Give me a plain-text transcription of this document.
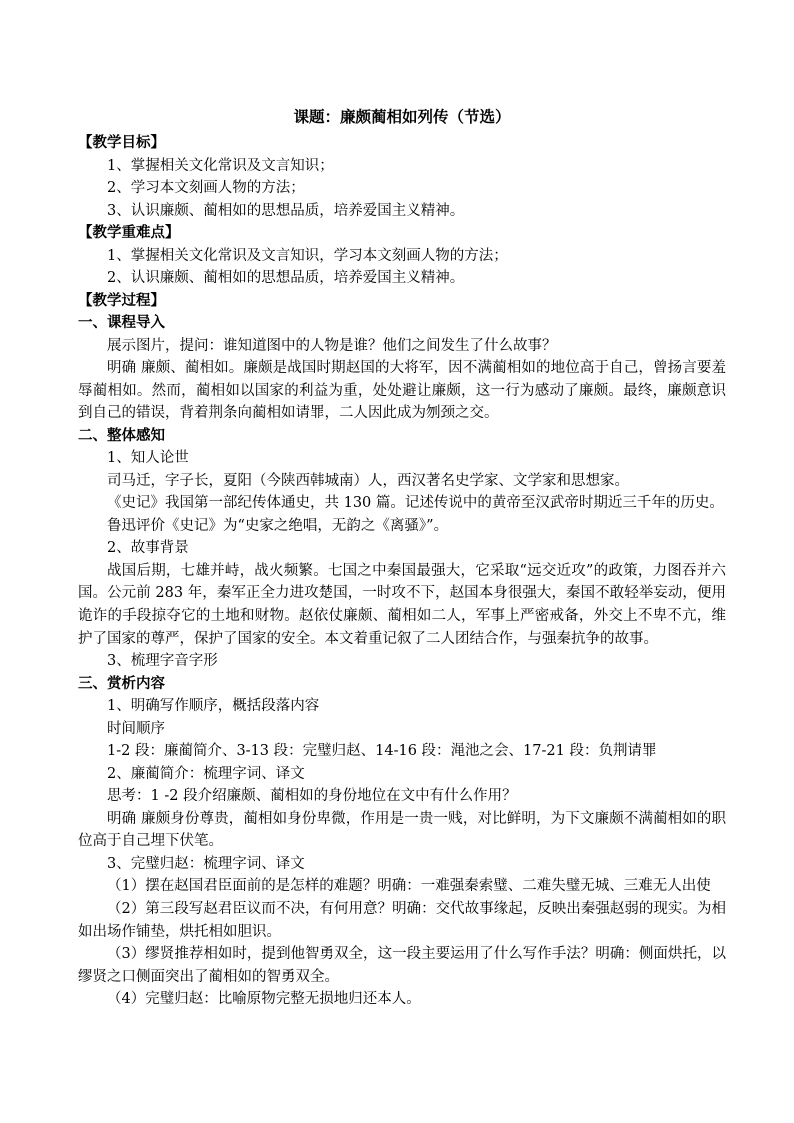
课题：廉颇蔺相如列传（节选）
【教学目标】
1、掌握相关文化常识及文言知识；
2、学习本文刻画人物的方法；
3、认识廉颇、蔺相如的思想品质，培养爱国主义精神。
【教学重难点】
1、掌握相关文化常识及文言知识，学习本文刻画人物的方法；
2、认识廉颇、蔺相如的思想品质，培养爱国主义精神。
【教学过程】
一、课程导入
展示图片，提问：谁知道图中的人物是谁？他们之间发生了什么故事？
明确 廉颇、蔺相如。廉颇是战国时期赵国的大将军，因不满蔺相如的地位高于自己，曾扬言要羞辱蔺相如。然而，蔺相如以国家的利益为重，处处避让廉颇，这一行为感动了廉颇。最终，廉颇意识到自己的错误，背着荆条向蔺相如请罪，二人因此成为刎颈之交。
二、整体感知
1、知人论世
司马迁，字子长，夏阳（今陕西韩城南）人，西汉著名史学家、文学家和思想家。
《史记》我国第一部纪传体通史，共 130 篇。记述传说中的黄帝至汉武帝时期近三千年的历史。
鲁迅评价《史记》为“史家之绝唱，无韵之《离骚》”。
2、故事背景
战国后期，七雄并峙，战火频繁。七国之中秦国最强大，它采取“远交近攻”的政策，力图吞并六国。公元前 283 年，秦军正全力进攻楚国，一时攻不下，赵国本身很强大，秦国不敢轻举妄动，便用诡诈的手段掠夺它的土地和财物。赵依仗廉颇、蔺相如二人，军事上严密戒备，外交上不卑不亢，维护了国家的尊严，保护了国家的安全。本文着重记叙了二人团结合作，与强秦抗争的故事。
3、梳理字音字形
三、赏析内容
1、明确写作顺序，概括段落内容
时间顺序
1-2 段：廉蔺简介、3-13 段：完璧归赵、14-16 段：渑池之会、17-21 段：负荆请罪
2、廉蔺简介：梳理字词、译文
思考：1 -2 段介绍廉颇、蔺相如的身份地位在文中有什么作用？
明确 廉颇身份尊贵，蔺相如身份卑微，作用是一贵一贱，对比鲜明，为下文廉颇不满蔺相如的职位高于自己埋下伏笔。
3、完璧归赵：梳理字词、译文
（1）摆在赵国君臣面前的是怎样的难题？明确：一难强秦索璧、二难失璧无城、三难无人出使
（2）第三段写赵君臣议而不决，有何用意？明确：交代故事缘起，反映出秦强赵弱的现实。为相如出场作铺垫，烘托相如胆识。
（3）缪贤推荐相如时，提到他智勇双全，这一段主要运用了什么写作手法？明确：侧面烘托，以缪贤之口侧面突出了蔺相如的智勇双全。
（4）完璧归赵：比喻原物完整无损地归还本人。
